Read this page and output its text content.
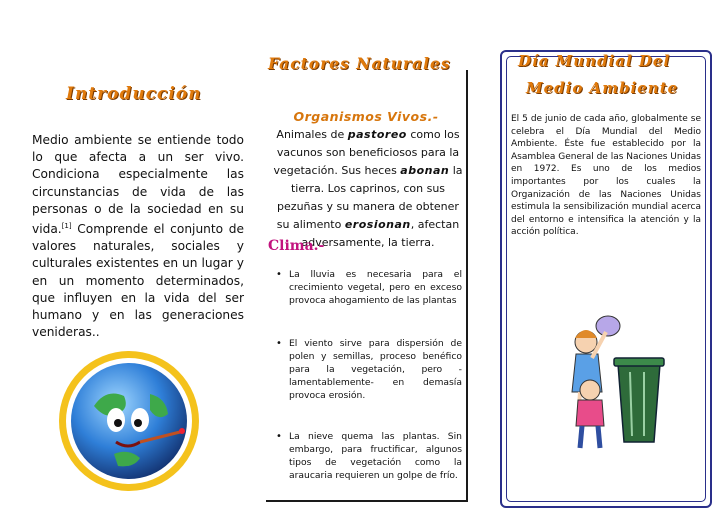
Introducción
Medio ambiente se entiende todo lo que afecta a un ser vivo. Condiciona especialmente las circunstancias de vida de las personas o de la sociedad en su vida.[1] Comprende el conjunto de valores naturales, sociales y culturales existentes en un lugar y en un momento determinados, que influyen en la vida del ser humano y en las generaciones venideras..
Factores Naturales
Organismos Vivos.-
Animales de pastoreo como los vacunos son beneficiosos para la vegetación. Sus heces abonan la tierra. Los caprinos, con sus pezuñas y su manera de obtener su alimento erosionan, afectan adversamente, la tierra.
Clima.-
• La lluvia es necesaria para el crecimiento vegetal, pero en exceso provoca ahogamiento de las plantas
• El viento sirve para dispersión de polen y semillas, proceso benéfico para la vegetación, pero -lamentablemente- en demasía provoca erosión.
• La nieve quema las plantas. Sin embargo, para fructificar, algunos tipos de vegetación como la araucaria requieren un golpe de frío.
Día Mundial Del
Medio Ambiente
El 5 de junio de cada año, globalmente se celebra el Día Mundial del Medio Ambiente. Éste fue establecido por la Asamblea General de las Naciones Unidas en 1972. Es uno de los medios importantes por los cuales la Organización de las Naciones Unidas estimula la sensibilización mundial acerca del entorno e intensifica la atención y la acción política.
